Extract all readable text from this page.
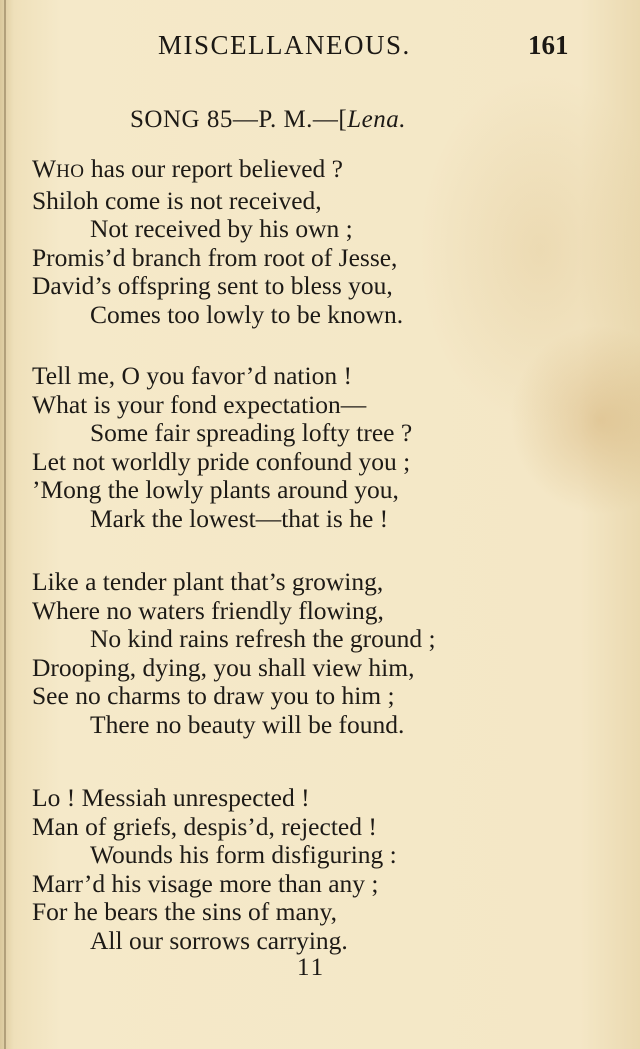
MISCELLANEOUS.	161
SONG 85—P. M.—[Lena.
WHO has our report believed ?
Shiloh come is not received,
Not received by his own ;
Promis’d branch from root of Jesse,
David’s offspring sent to bless you,
Comes too lowly to be known.
Tell me, O you favor’d nation !
What is your fond expectation—
Some fair spreading lofty tree ?
Let not worldly pride confound you ;
’Mong the lowly plants around you,
Mark the lowest—that is he !
Like a tender plant that’s growing,
Where no waters friendly flowing,
No kind rains refresh the ground ;
Drooping, dying, you shall view him,
See no charms to draw you to him ;
There no beauty will be found.
Lo ! Messiah unrespected !
Man of griefs, despis’d, rejected !
Wounds his form disfiguring :
Marr’d his visage more than any ;
For he bears the sins of many,
All our sorrows carrying.
11
